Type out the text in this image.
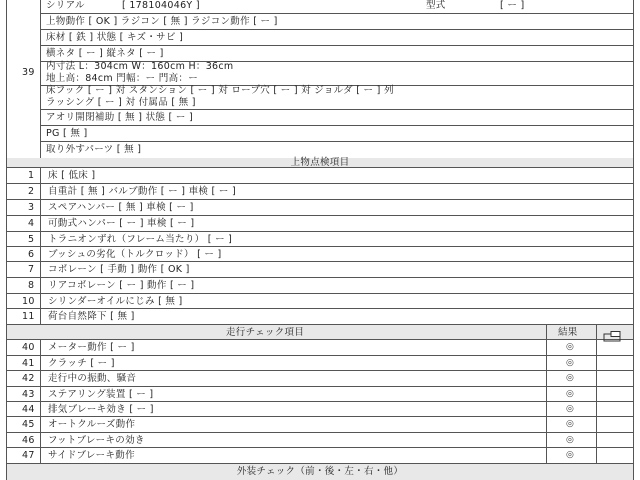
39
シリアル	[ 178104046Y ]	型式	[ ー ]
上物動作 [ OK ] ラジコン [ 無 ] ラジコン動作 [ ー ]
床材 [ 鉄 ] 状態 [ キズ・サビ ]
横ネタ [ ー ] 縦ネタ [ ー ]
内寸法 L：304cm W：160cm H：36cm
地上高：84cm 門幅：ー 門高：ー
床フック [ ー ] 対 スタンション [ ー ] 対 ロープ穴 [ ー ] 対 ジョルダ [ ー ] 列
ラッシング [ ー ] 対 付属品 [ 無 ]
アオリ開閉補助 [ 無 ] 状態 [ ー ]
PG [ 無 ]
取り外すパーツ [ 無 ]
上物点検項目
1 床 [ 低床 ]
2 自重計 [ 無 ] バルブ動作 [ ー ] 車検 [ ー ]
3 スペアハンパー [ 無 ] 車検 [ ー ]
4 可動式ハンパー [ ー ] 車検 [ ー ]
5 トラニオンずれ（フレーム当たり） [ ー ]
6 ブッシュの劣化（トルクロッド） [ ー ]
7 コボレーン [ 手動 ] 動作 [ OK ]
8 リアコボレーン [ ー ] 動作 [ ー ]
10 シリンダーオイルにじみ [ 無 ]
11 荷台自然降下 [ 無 ]
走行チェック項目	結果
40 メーター動作 [ ー ]	◎
41 クラッチ [ ー ]	◎
42 走行中の振動、騒音	◎
43 ステアリング装置 [ ー ]	◎
44 排気ブレーキ効き [ ー ]	◎
45 オートクルーズ動作	◎
46 フットブレーキの効き	◎
47 サイドブレーキ動作	◎
外装チェック（前・後・左・右・他）
